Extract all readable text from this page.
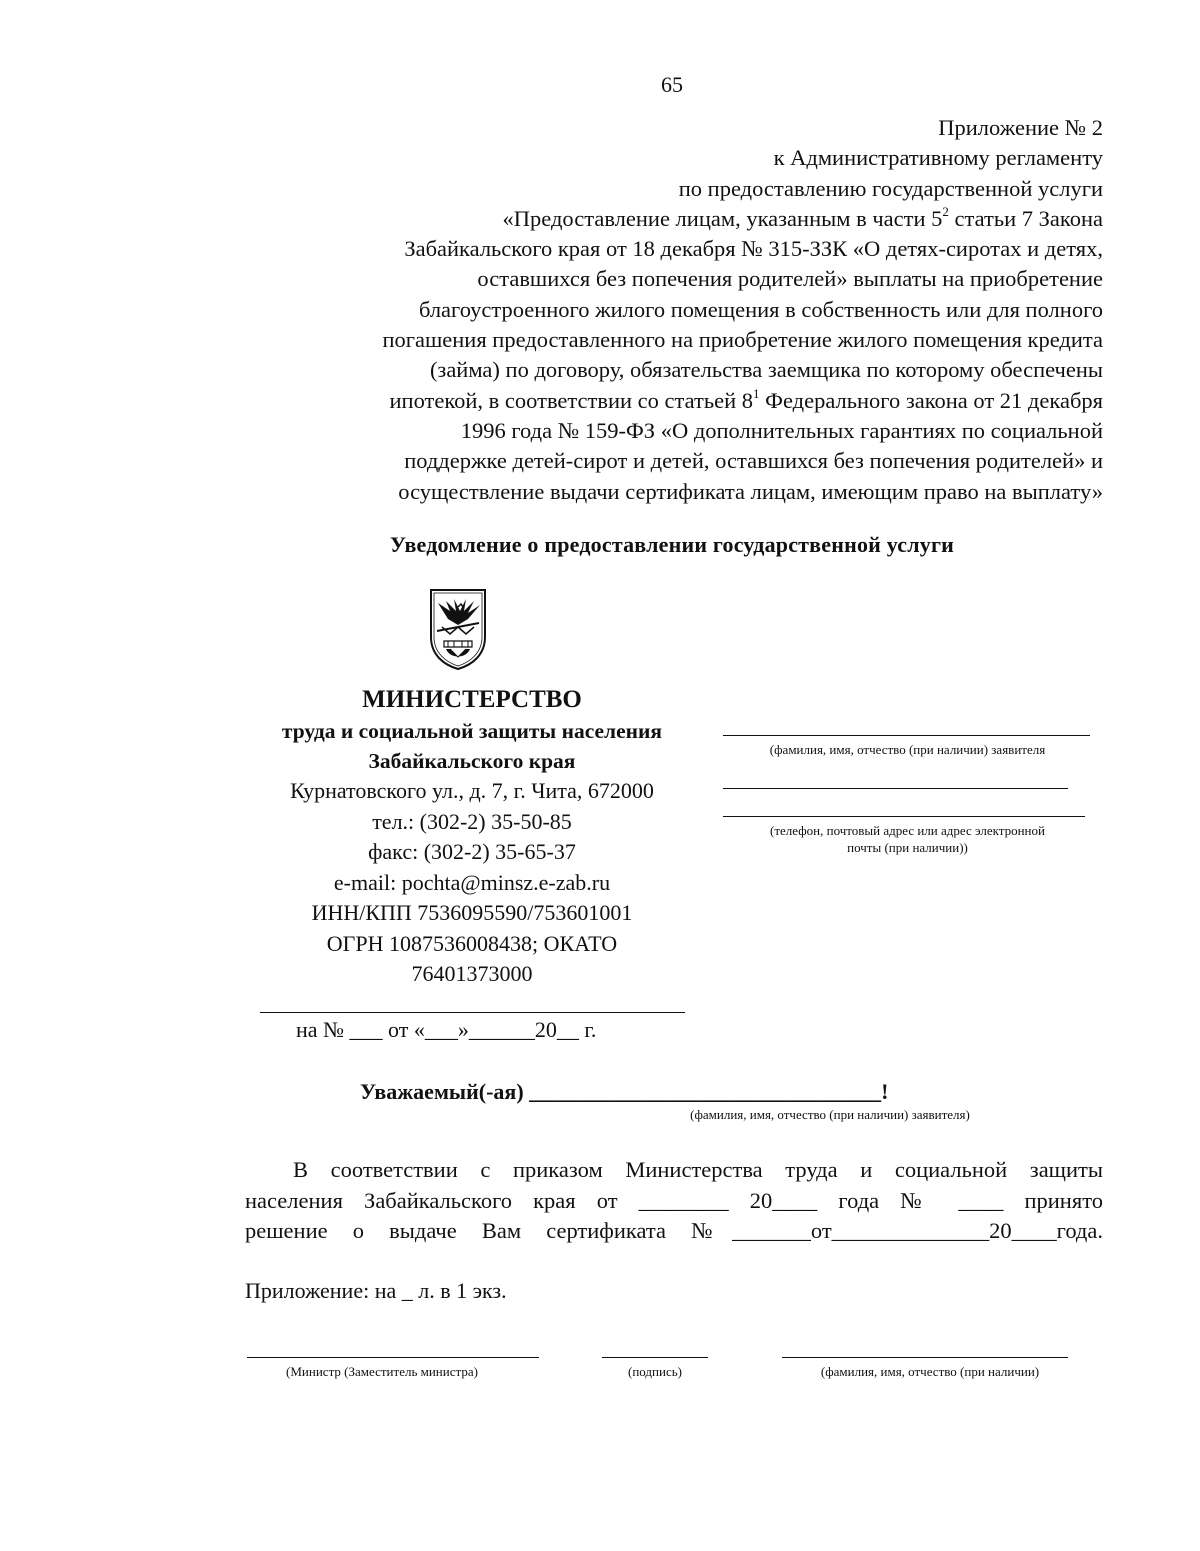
65
Приложение № 2
к Административному регламенту
по предоставлению государственной услуги
«Предоставление лицам, указанным в части $5^2$ статьи 7 Закона
Забайкальского края от 18 декабря № 315-ЗЗК «О детях-сиротах и детях,
оставшихся без попечения родителей» выплаты на приобретение
благоустроенного жилого помещения в собственность или для полного
погашения предоставленного на приобретение жилого помещения кредита
(займа) по договору, обязательства заемщика по которому обеспечены
ипотекой, в соответствии со статьей $8^1$ Федерального закона от 21 декабря
1996 года № 159-ФЗ «О дополнительных гарантиях по социальной
поддержке детей-сирот и детей, оставшихся без попечения родителей» и
осуществление выдачи сертификата лицам, имеющим право на выплату»
Уведомление о предоставлении государственной услуги
МИНИСТЕРСТВО
труда и социальной защиты населения
Забайкальского края
Курнатовского ул., д. 7, г. Чита, 672000
тел.: (302-2) 35-50-85
факс: (302-2) 35-65-37
e-mail: pochta@minsz.e-zab.ru
ИНН/КПП 7536095590/753601001
ОГРН 1087536008438; ОКАТО
76401373000
(фамилия, имя, отчество (при наличии) заявителя
(телефон, почтовый адрес или адрес электронной
почты (при наличии))
на № ___ от «___»______20__ г.
Уважаемый(-ая) ________________________________!
(фамилия, имя, отчество (при наличии) заявителя)
В соответствии с приказом Министерства труда и социальной защиты
населения Забайкальского края от ________ 20____ года № ____ принято
решение о выдаче Вам сертификата №_______от______________20____года.
Приложение: на _ л. в 1 экз.
(Министр (Заместитель министра)	(подпись)	(фамилия, имя, отчество (при наличии)
